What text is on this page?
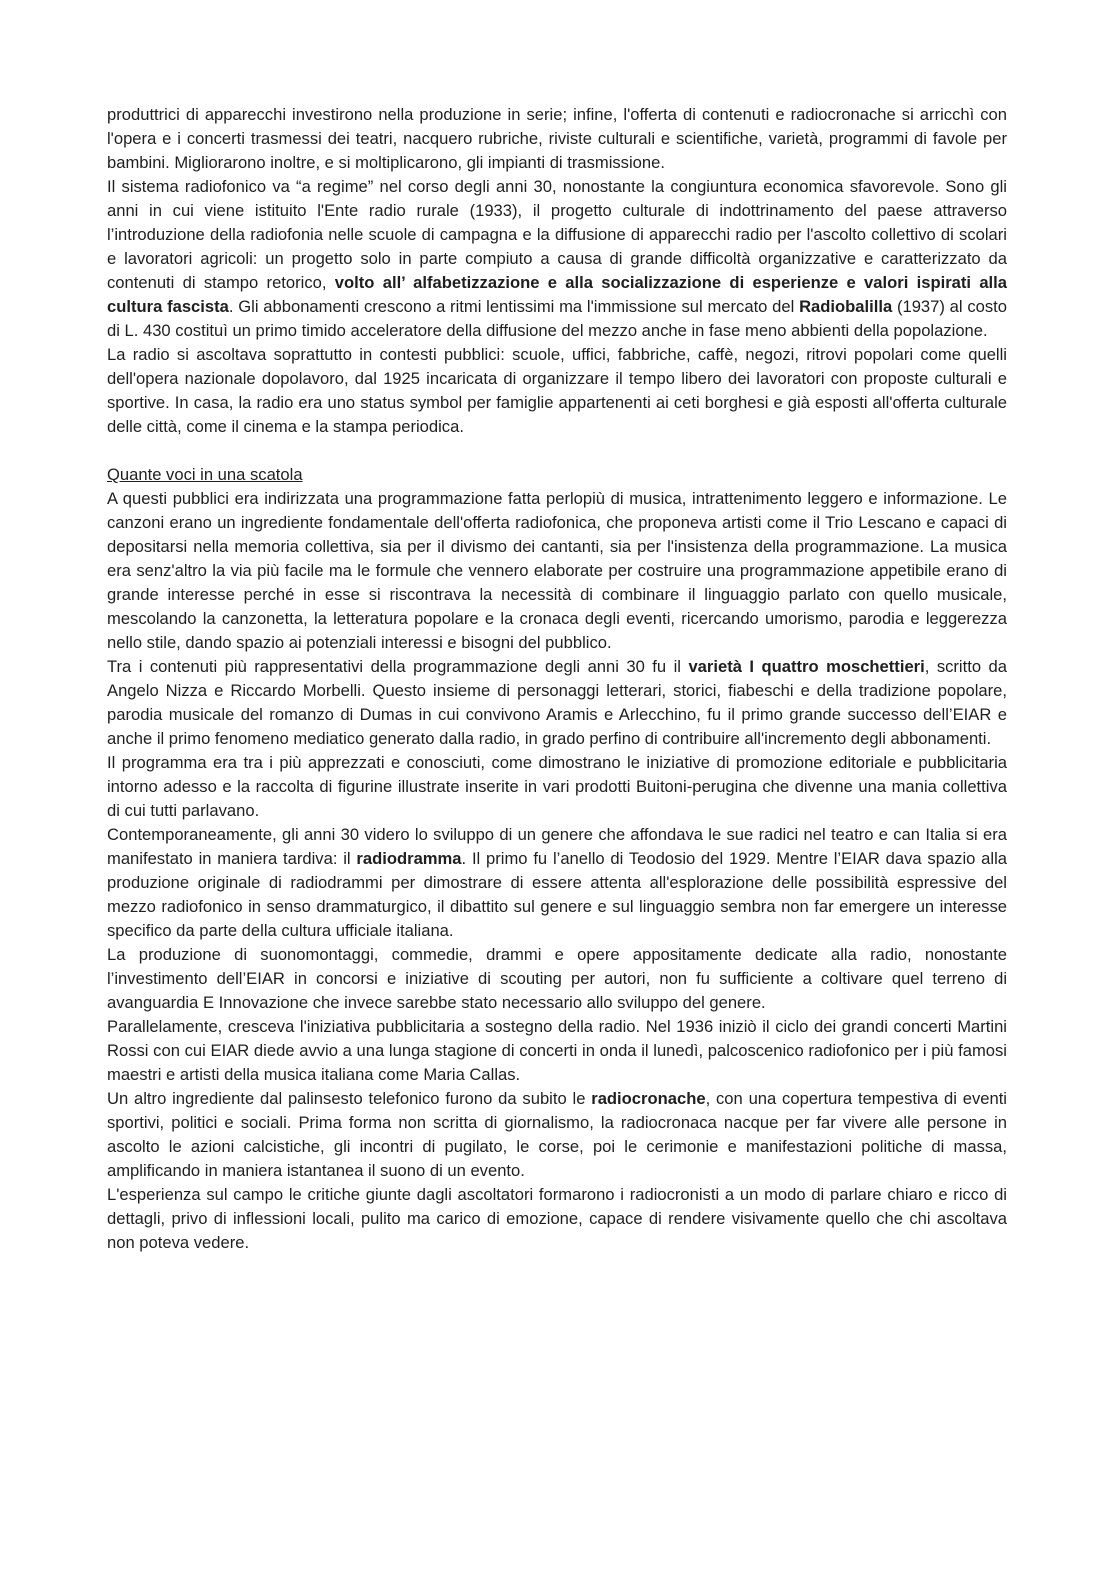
produttrici di apparecchi investirono nella produzione in serie; infine, l'offerta di contenuti e radiocronache si arricchì con l'opera e i concerti trasmessi dei teatri, nacquero rubriche, riviste culturali e scientifiche, varietà, programmi di favole per bambini. Migliorarono inoltre, e si moltiplicarono, gli impianti di trasmissione.

Il sistema radiofonico va “a regime” nel corso degli anni 30, nonostante la congiuntura economica sfavorevole. Sono gli anni in cui viene istituito l'Ente radio rurale (1933), il progetto culturale di indottrinamento del paese attraverso l’introduzione della radiofonia nelle scuole di campagna e la diffusione di apparecchi radio per l'ascolto collettivo di scolari e lavoratori agricoli: un progetto solo in parte compiuto a causa di grande difficoltà organizzative e caratterizzato da contenuti di stampo retorico, volto all’ alfabetizzazione e alla socializzazione di esperienze e valori ispirati alla cultura fascista. Gli abbonamenti crescono a ritmi lentissimi ma l'immissione sul mercato del Radiobalilla (1937) al costo di L. 430 costituì un primo timido acceleratore della diffusione del mezzo anche in fase meno abbienti della popolazione.

La radio si ascoltava soprattutto in contesti pubblici: scuole, uffici, fabbriche, caffè, negozi, ritrovi popolari come quelli dell'opera nazionale dopolavoro, dal 1925 incaricata di organizzare il tempo libero dei lavoratori con proposte culturali e sportive. In casa, la radio era uno status symbol per famiglie appartenenti ai ceti borghesi e già esposti all'offerta culturale delle città, come il cinema e la stampa periodica.

Quante voci in una scatola

A questi pubblici era indirizzata una programmazione fatta perlopiù di musica, intrattenimento leggero e informazione. Le canzoni erano un ingrediente fondamentale dell'offerta radiofonica, che proponeva artisti come il Trio Lescano e capaci di depositarsi nella memoria collettiva, sia per il divismo dei cantanti, sia per l'insistenza della programmazione. La musica era senz'altro la via più facile ma le formule che vennero elaborate per costruire una programmazione appetibile erano di grande interesse perché in esse si riscontrava la necessità di combinare il linguaggio parlato con quello musicale, mescolando la canzonetta, la letteratura popolare e la cronaca degli eventi, ricercando umorismo, parodia e leggerezza nello stile, dando spazio ai potenziali interessi e bisogni del pubblico.

Tra i contenuti più rappresentativi della programmazione degli anni 30 fu il varietà I quattro moschettieri, scritto da Angelo Nizza e Riccardo Morbelli. Questo insieme di personaggi letterari, storici, fiabeschi e della tradizione popolare, parodia musicale del romanzo di Dumas in cui convivono Aramis e Arlecchino, fu il primo grande successo dell’EIAR e anche il primo fenomeno mediatico generato dalla radio, in grado perfino di contribuire all'incremento degli abbonamenti.

Il programma era tra i più apprezzati e conosciuti, come dimostrano le iniziative di promozione editoriale e pubblicitaria intorno adesso e la raccolta di figurine illustrate inserite in vari prodotti Buitoni-perugina che divenne una mania collettiva di cui tutti parlavano.

Contemporaneamente, gli anni 30 videro lo sviluppo di un genere che affondava le sue radici nel teatro e can Italia si era manifestato in maniera tardiva: il radiodramma. Il primo fu l’anello di Teodosio del 1929. Mentre l’EIAR dava spazio alla produzione originale di radiodrammi per dimostrare di essere attenta all'esplorazione delle possibilità espressive del mezzo radiofonico in senso drammaturgico, il dibattito sul genere e sul linguaggio sembra non far emergere un interesse specifico da parte della cultura ufficiale italiana.

La produzione di suonomontaggi, commedie, drammi e opere appositamente dedicate alla radio, nonostante l’investimento dell’EIAR in concorsi e iniziative di scouting per autori, non fu sufficiente a coltivare quel terreno di avanguardia E Innovazione che invece sarebbe stato necessario allo sviluppo del genere.

Parallelamente, cresceva l'iniziativa pubblicitaria a sostegno della radio. Nel 1936 iniziò il ciclo dei grandi concerti Martini Rossi con cui EIAR diede avvio a una lunga stagione di concerti in onda il lunedì, palcoscenico radiofonico per i più famosi maestri e artisti della musica italiana come Maria Callas.

Un altro ingrediente dal palinsesto telefonico furono da subito le radiocronache, con una copertura tempestiva di eventi sportivi, politici e sociali. Prima forma non scritta di giornalismo, la radiocronaca nacque per far vivere alle persone in ascolto le azioni calcistiche, gli incontri di pugilato, le corse, poi le cerimonie e manifestazioni politiche di massa, amplificando in maniera istantanea il suono di un evento.

L'esperienza sul campo le critiche giunte dagli ascoltatori formarono i radiocronisti a un modo di parlare chiaro e ricco di dettagli, privo di inflessioni locali, pulito ma carico di emozione, capace di rendere visivamente quello che chi ascoltava non poteva vedere.
